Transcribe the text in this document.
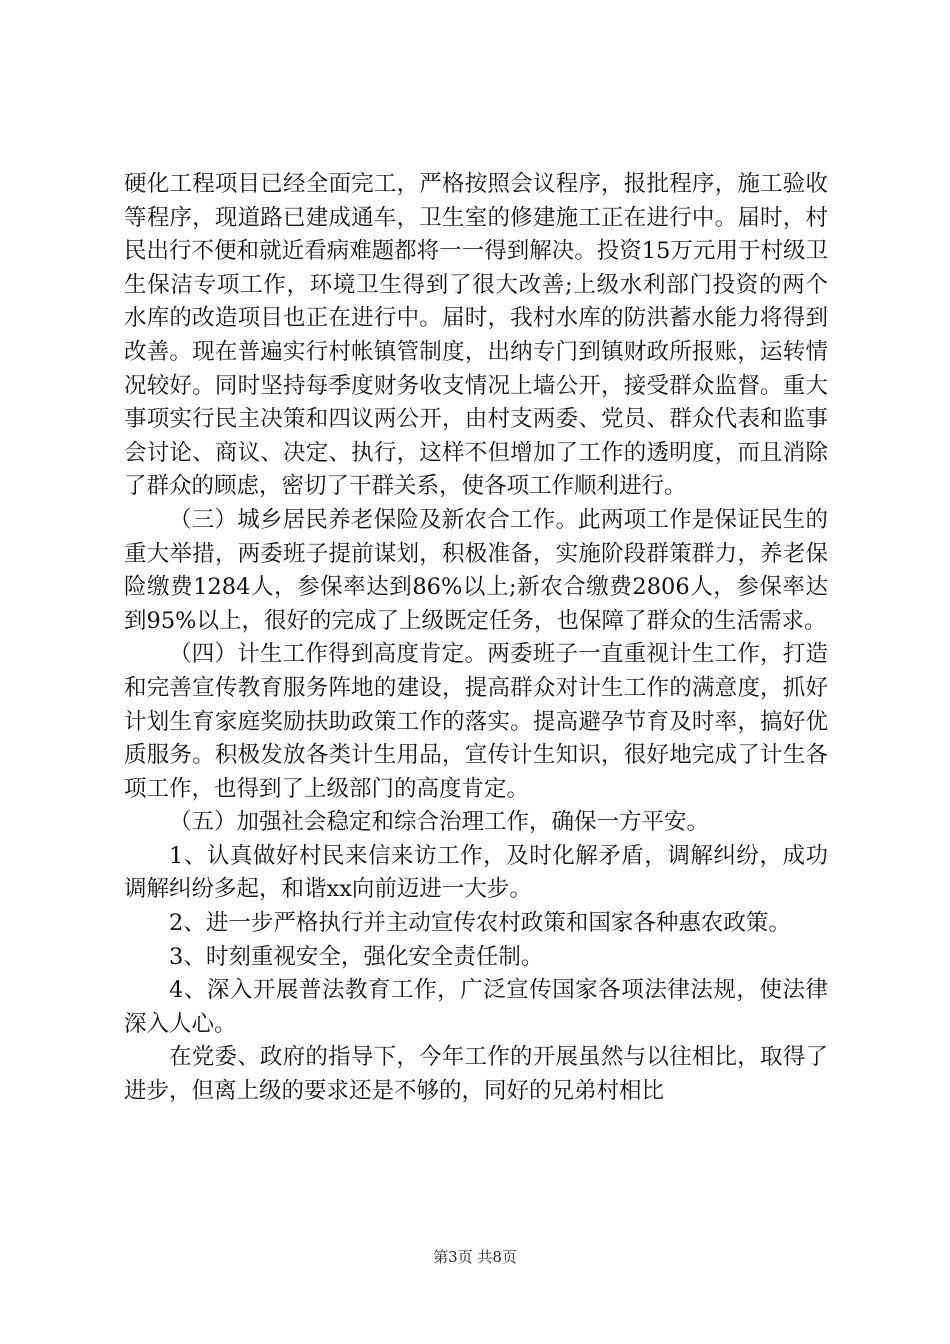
硬化工程项目已经全面完工，严格按照会议程序，报批程序，施工验收等程序，现道路已建成通车，卫生室的修建施工正在进行中。届时，村民出行不便和就近看病难题都将一一得到解决。投资15万元用于村级卫生保洁专项工作，环境卫生得到了很大改善;上级水利部门投资的两个水库的改造项目也正在进行中。届时，我村水库的防洪蓄水能力将得到改善。现在普遍实行村帐镇管制度，出纳专门到镇财政所报账，运转情况较好。同时坚持每季度财务收支情况上墙公开，接受群众监督。重大事项实行民主决策和四议两公开，由村支两委、党员、群众代表和监事会讨论、商议、决定、执行，这样不但增加了工作的透明度，而且消除了群众的顾虑，密切了干群关系，使各项工作顺利进行。

（三）城乡居民养老保险及新农合工作。此两项工作是保证民生的重大举措，两委班子提前谋划，积极准备，实施阶段群策群力，养老保险缴费1284人，参保率达到86%以上;新农合缴费2806人，参保率达到95%以上，很好的完成了上级既定任务，也保障了群众的生活需求。

（四）计生工作得到高度肯定。两委班子一直重视计生工作，打造和完善宣传教育服务阵地的建设，提高群众对计生工作的满意度，抓好计划生育家庭奖励扶助政策工作的落实。提高避孕节育及时率，搞好优质服务。积极发放各类计生用品，宣传计生知识，很好地完成了计生各项工作，也得到了上级部门的高度肯定。

（五）加强社会稳定和综合治理工作，确保一方平安。

1、认真做好村民来信来访工作，及时化解矛盾，调解纠纷，成功调解纠纷多起，和谐xx向前迈进一大步。

2、进一步严格执行并主动宣传农村政策和国家各种惠农政策。

3、时刻重视安全，强化安全责任制。

4、深入开展普法教育工作，广泛宣传国家各项法律法规，使法律深入人心。

在党委、政府的指导下，今年工作的开展虽然与以往相比，取得了进步，但离上级的要求还是不够的，同好的兄弟村相比

第3页 共8页
